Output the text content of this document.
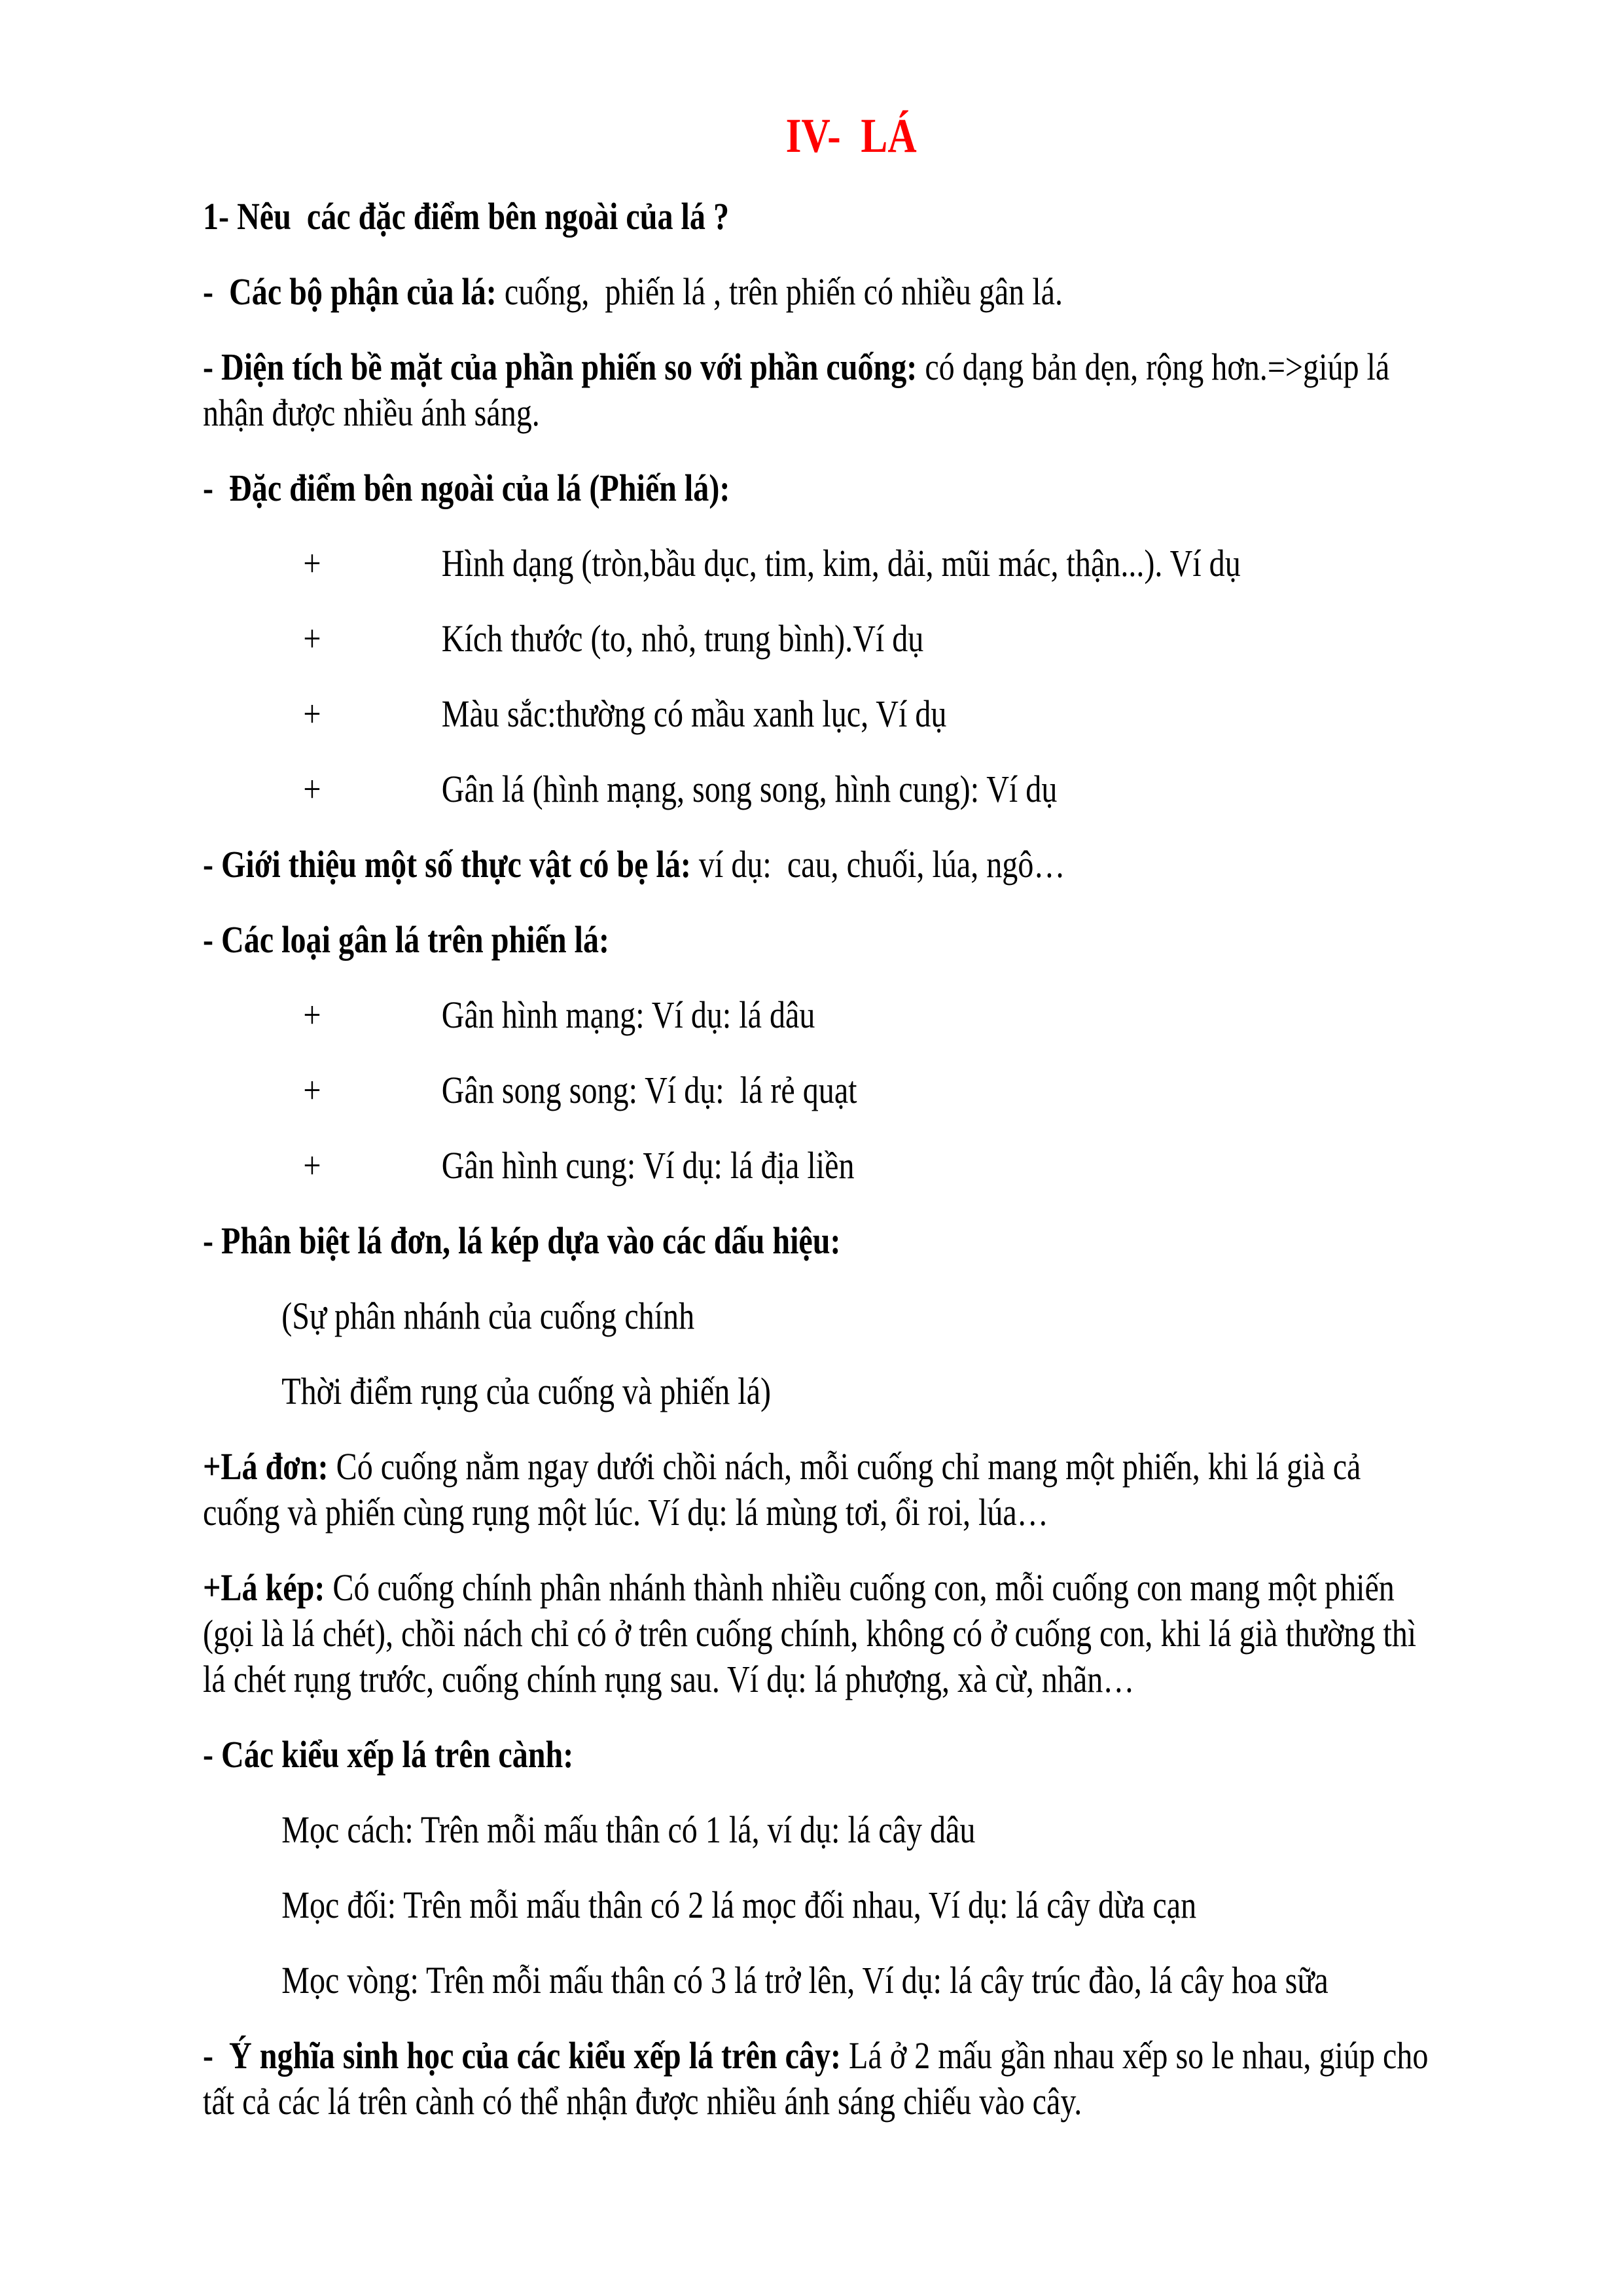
IV-  LÁ

1- Nêu  các đặc điểm bên ngoài của lá ?

-  Các bộ phận của lá: cuống,  phiến lá , trên phiến có nhiều gân lá.

- Diện tích bề mặt của phần phiến so với phần cuống: có dạng bản dẹn, rộng hơn.=>giúp lá nhận được nhiều ánh sáng.

-  Đặc điểm bên ngoài của lá (Phiến lá):

+	Hình dạng (tròn,bầu dục, tim, kim, dải, mũi mác, thận...). Ví dụ

+	Kích thước (to, nhỏ, trung bình).Ví dụ

+	Màu sắc:thường có mầu xanh lục, Ví dụ

+	Gân lá (hình mạng, song song, hình cung): Ví dụ

- Giới thiệu một số thực vật có bẹ lá: ví dụ:  cau, chuối, lúa, ngô…

- Các loại gân lá trên phiến lá:

+	Gân hình mạng: Ví dụ: lá dâu

+	Gân song song: Ví dụ:  lá rẻ quạt

+	Gân hình cung: Ví dụ: lá địa liền

- Phân biệt lá đơn, lá kép dựa vào các dấu hiệu:

(Sự phân nhánh của cuống chính

Thời điểm rụng của cuống và phiến lá)

+Lá đơn: Có cuống nằm ngay dưới chồi nách, mỗi cuống chỉ mang một phiến, khi lá già cả cuống và phiến cùng rụng một lúc. Ví dụ: lá mùng tơi, ổi roi, lúa…

+Lá kép: Có cuống chính phân nhánh thành nhiều cuống con, mỗi cuống con mang một phiến (gọi là lá chét), chồi nách chỉ có ở trên cuống chính, không có ở cuống con, khi lá già thường thì lá chét rụng trước, cuống chính rụng sau. Ví dụ: lá phượng, xà cừ, nhãn…

- Các kiểu xếp lá trên cành:

Mọc cách: Trên mỗi mấu thân có 1 lá, ví dụ: lá cây dâu

Mọc đối: Trên mỗi mấu thân có 2 lá mọc đối nhau, Ví dụ: lá cây dừa cạn

Mọc vòng: Trên mỗi mấu thân có 3 lá trở lên, Ví dụ: lá cây trúc đào, lá cây hoa sữa

-  Ý nghĩa sinh học của các kiểu xếp lá trên cây: Lá ở 2 mấu gần nhau xếp so le nhau, giúp cho tất cả các lá trên cành có thể nhận được nhiều ánh sáng chiếu vào cây.
